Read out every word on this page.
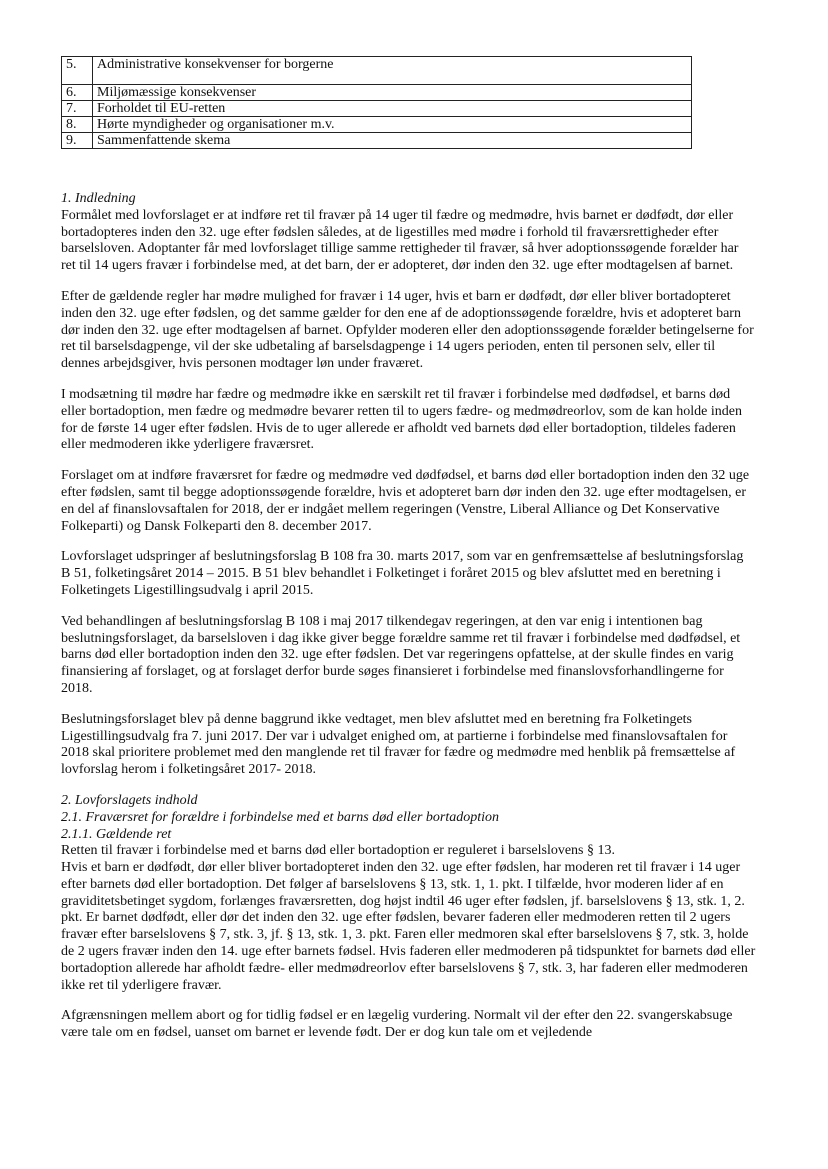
5.	Administrative konsekvenser for borgerne
6.	Miljømæssige konsekvenser
7.	Forholdet til EU-retten
8.	Hørte myndigheder og organisationer m.v.
9.	Sammenfattende skema
1. Indledning

Formålet med lovforslaget er at indføre ret til fravær på 14 uger til fædre og medmødre, hvis barnet er dødfødt, dør eller bortadopteres inden den 32. uge efter fødslen således, at de ligestilles med mødre i forhold til fraværsrettigheder efter barselsloven. Adoptanter får med lovforslaget tillige samme rettigheder til fravær, så hver adoptionssøgende forælder har ret til 14 ugers fravær i forbindelse med, at det barn, der er adopteret, dør inden den 32. uge efter modtagelsen af barnet.

Efter de gældende regler har mødre mulighed for fravær i 14 uger, hvis et barn er dødfødt, dør eller bliver bortadopteret inden den 32. uge efter fødslen, og det samme gælder for den ene af de adoptionssøgende forældre, hvis et adopteret barn dør inden den 32. uge efter modtagelsen af barnet. Opfylder moderen eller den adoptionssøgende forælder betingelserne for ret til barselsdagpenge, vil der ske udbetaling af barselsdagpenge i 14 ugers perioden, enten til personen selv, eller til dennes arbejdsgiver, hvis personen modtager løn under fraværet.

I modsætning til mødre har fædre og medmødre ikke en særskilt ret til fravær i forbindelse med dødfødsel, et barns død eller bortadoption, men fædre og medmødre bevarer retten til to ugers fædre- og medmødreorlov, som de kan holde inden for de første 14 uger efter fødslen. Hvis de to uger allerede er afholdt ved barnets død eller bortadoption, tildeles faderen eller medmoderen ikke yderligere fraværsret.

Forslaget om at indføre fraværsret for fædre og medmødre ved dødfødsel, et barns død eller bortadoption inden den 32 uge efter fødslen, samt til begge adoptionssøgende forældre, hvis et adopteret barn dør inden den 32. uge efter modtagelsen, er en del af finanslovsaftalen for 2018, der er indgået mellem regeringen (Venstre, Liberal Alliance og Det Konservative Folkeparti) og Dansk Folkeparti den 8. december 2017.

Lovforslaget udspringer af beslutningsforslag B 108 fra 30. marts 2017, som var en genfremsættelse af beslutningsforslag B 51, folketingsåret 2014 – 2015. B 51 blev behandlet i Folketinget i foråret 2015 og blev afsluttet med en beretning i Folketingets Ligestillingsudvalg i april 2015.

Ved behandlingen af beslutningsforslag B 108 i maj 2017 tilkendegav regeringen, at den var enig i intentionen bag beslutningsforslaget, da barselsloven i dag ikke giver begge forældre samme ret til fravær i forbindelse med dødfødsel, et barns død eller bortadoption inden den 32. uge efter fødslen. Det var regeringens opfattelse, at der skulle findes en varig finansiering af forslaget, og at forslaget derfor burde søges finansieret i forbindelse med finanslovsforhandlingerne for 2018.

Beslutningsforslaget blev på denne baggrund ikke vedtaget, men blev afsluttet med en beretning fra Folketingets Ligestillingsudvalg fra 7. juni 2017. Der var i udvalget enighed om, at partierne i forbindelse med finanslovsaftalen for 2018 skal prioritere problemet med den manglende ret til fravær for fædre og medmødre med henblik på fremsættelse af lovforslag herom i folketingsåret 2017- 2018.

2. Lovforslagets indhold
2.1. Fraværsret for forældre i forbindelse med et barns død eller bortadoption
2.1.1. Gældende ret
Retten til fravær i forbindelse med et barns død eller bortadoption er reguleret i barselslovens § 13.

Hvis et barn er dødfødt, dør eller bliver bortadopteret inden den 32. uge efter fødslen, har moderen ret til fravær i 14 uger efter barnets død eller bortadoption. Det følger af barselslovens § 13, stk. 1, 1. pkt. I tilfælde, hvor moderen lider af en graviditetsbetinget sygdom, forlænges fraværsretten, dog højst indtil 46 uger efter fødslen, jf. barselslovens § 13, stk. 1, 2. pkt. Er barnet dødfødt, eller dør det inden den 32. uge efter fødslen, bevarer faderen eller medmoderen retten til 2 ugers fravær efter barselslovens § 7, stk. 3, jf. § 13, stk. 1, 3. pkt. Faren eller medmoren skal efter barselslovens § 7, stk. 3, holde de 2 ugers fravær inden den 14. uge efter barnets fødsel. Hvis faderen eller medmoderen på tidspunktet for barnets død eller bortadoption allerede har afholdt fædre- eller medmødreorlov efter barselslovens § 7, stk. 3, har faderen eller medmoderen ikke ret til yderligere fravær.

Afgrænsningen mellem abort og for tidlig fødsel er en lægelig vurdering. Normalt vil der efter den 22. svangerskabsuge være tale om en fødsel, uanset om barnet er levende født. Der er dog kun tale om et vejledende
